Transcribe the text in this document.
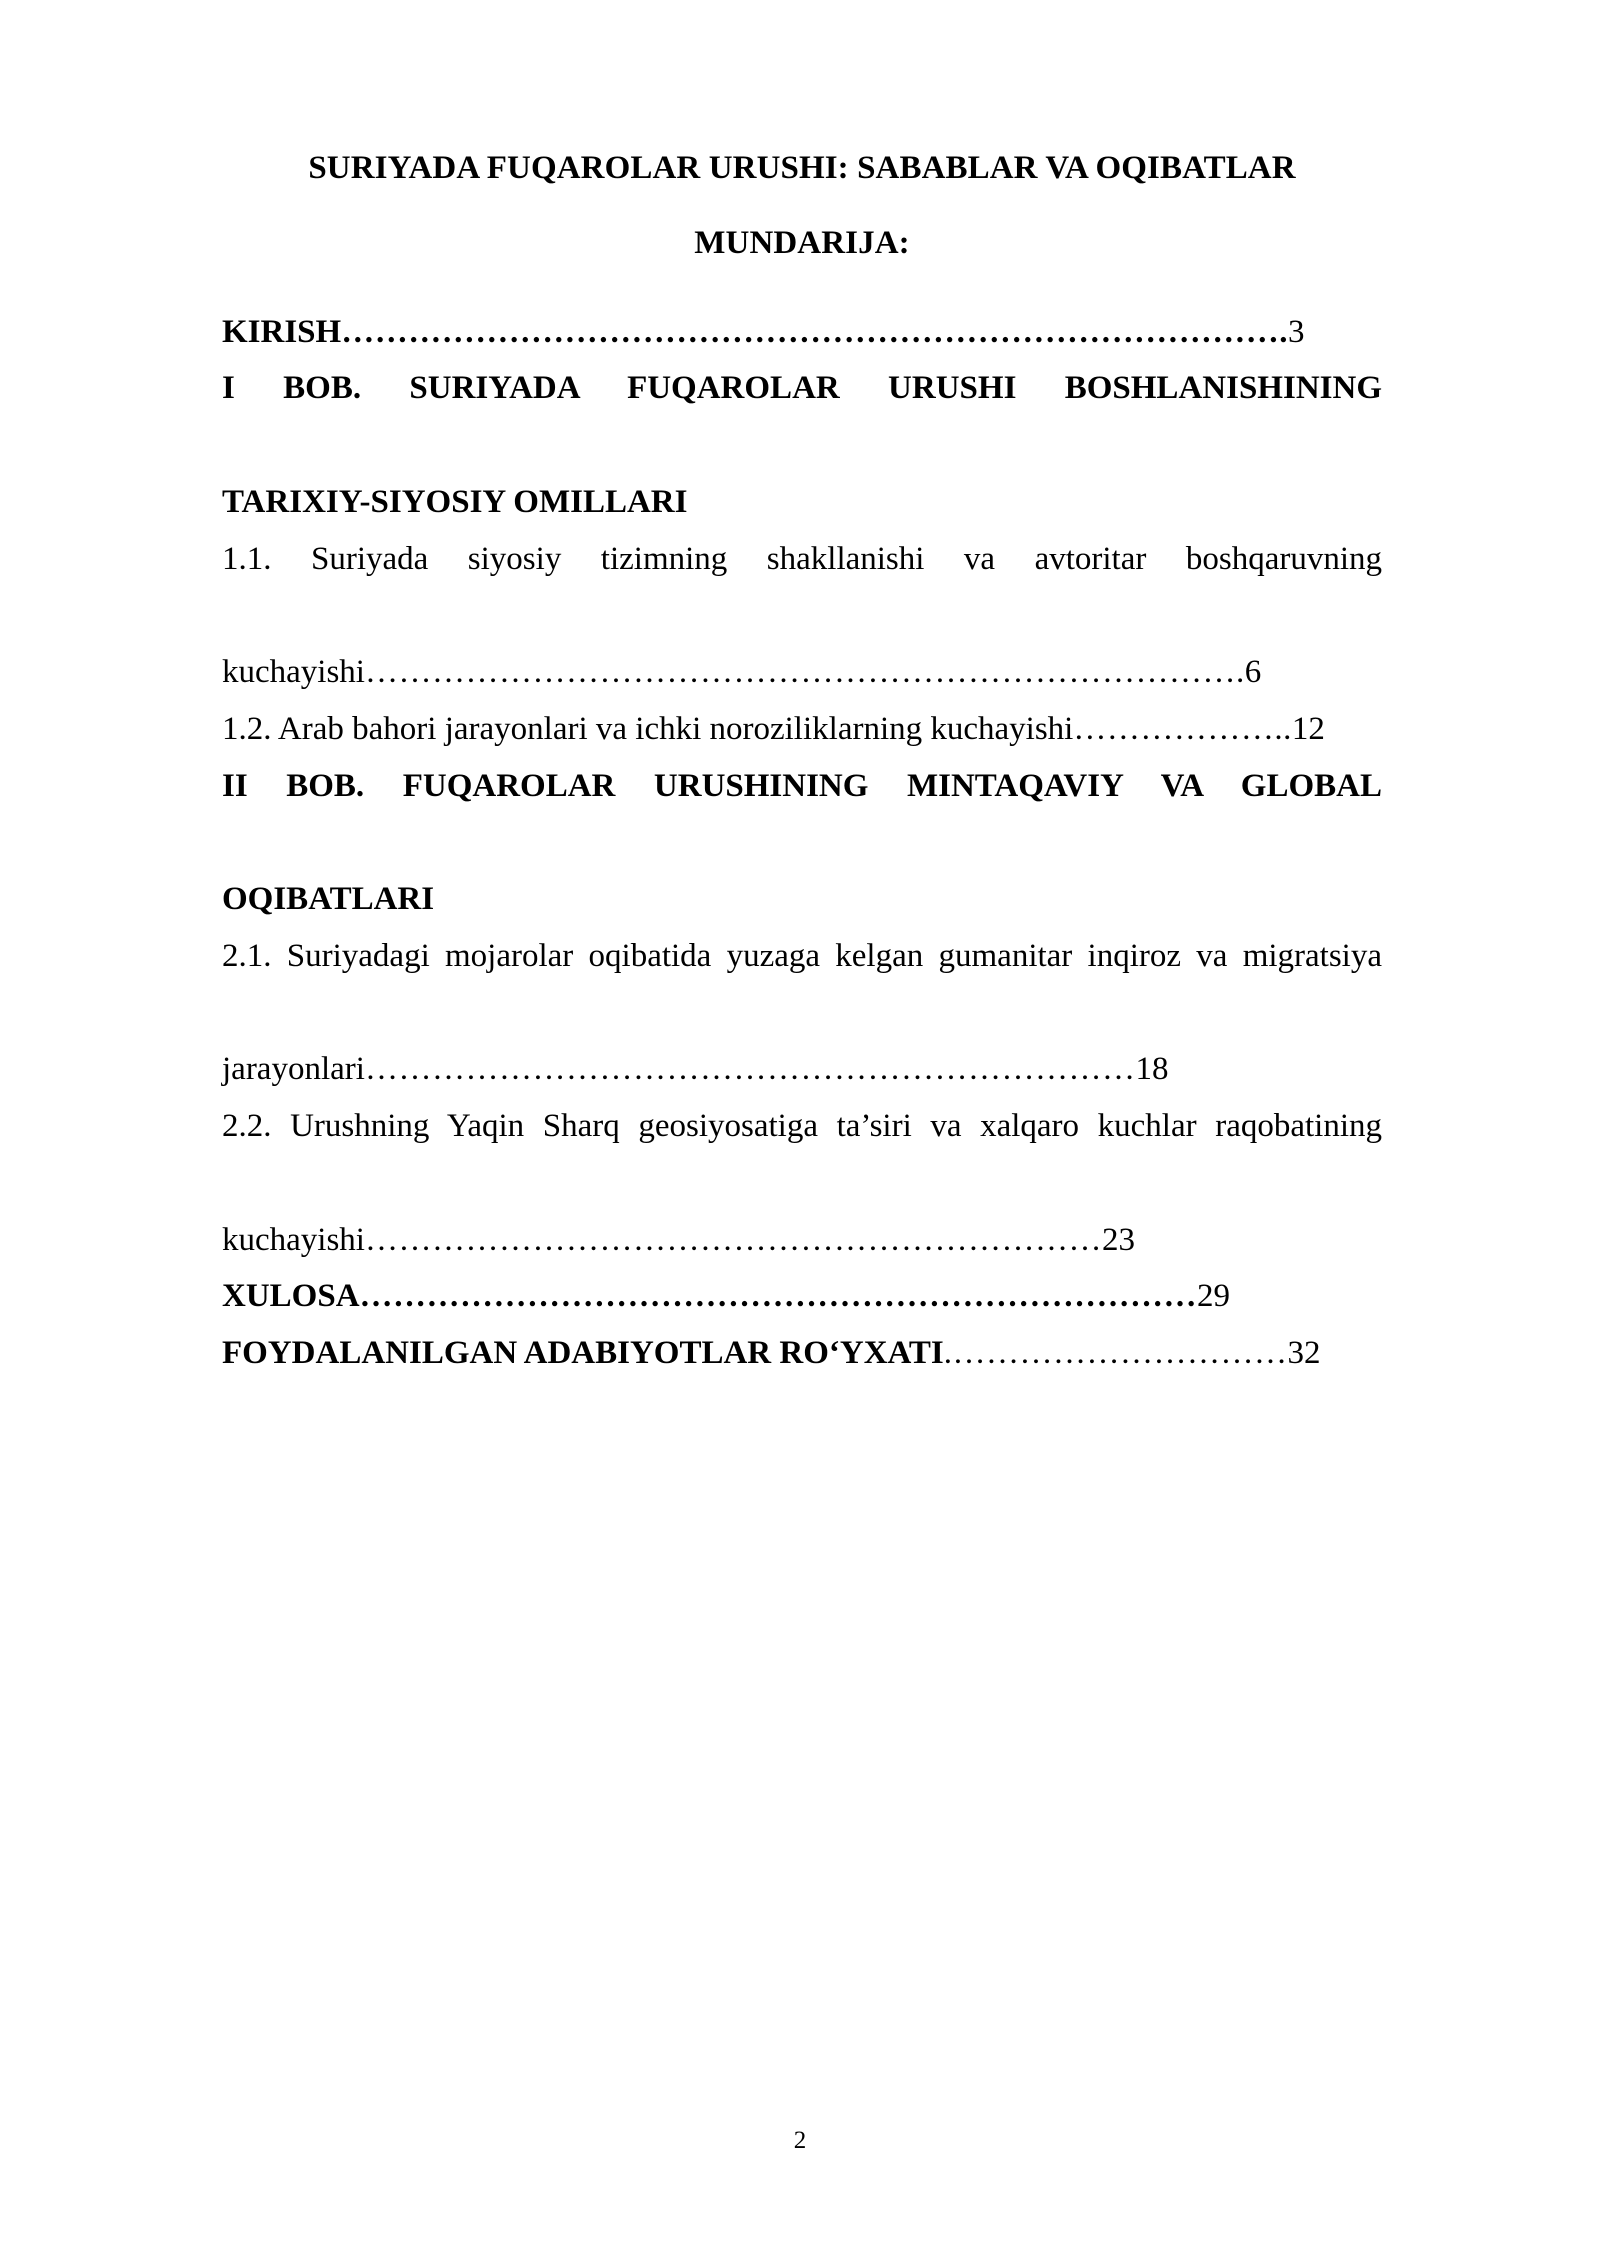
SURIYADA FUQAROLAR URUSHI: SABABLAR VA OQIBATLAR
MUNDARIJA:

KIRISH………………………………………………………………………….3

I BOB. SURIYADA FUQAROLAR URUSHI BOSHLANISHINING

TARIXIY-SIYOSIY OMILLARI

1.1. Suriyada siyosiy tizimning shakllanishi va avtoritar boshqaruvning

kuchayishi…………………………………………………………………….6

1.2. Arab bahori jarayonlari va ichki noroziliklarning kuchayishi………………..12

II BOB. FUQAROLAR URUSHINING MINTAQAVIY VA GLOBAL

OQIBATLARI

2.1. Suriyadagi mojarolar oqibatida yuzaga kelgan gumanitar inqiroz va migratsiya

jarayonlari……………………………………………………………18

2.2. Urushning Yaqin Sharq geosiyosatiga ta’siri va xalqaro kuchlar raqobatining

kuchayishi…………………………………………………………23

XULOSA…………………………………………………………………29

FOYDALANILGAN ADABIYOTLAR RO‘YXATI.…………………………32

2
